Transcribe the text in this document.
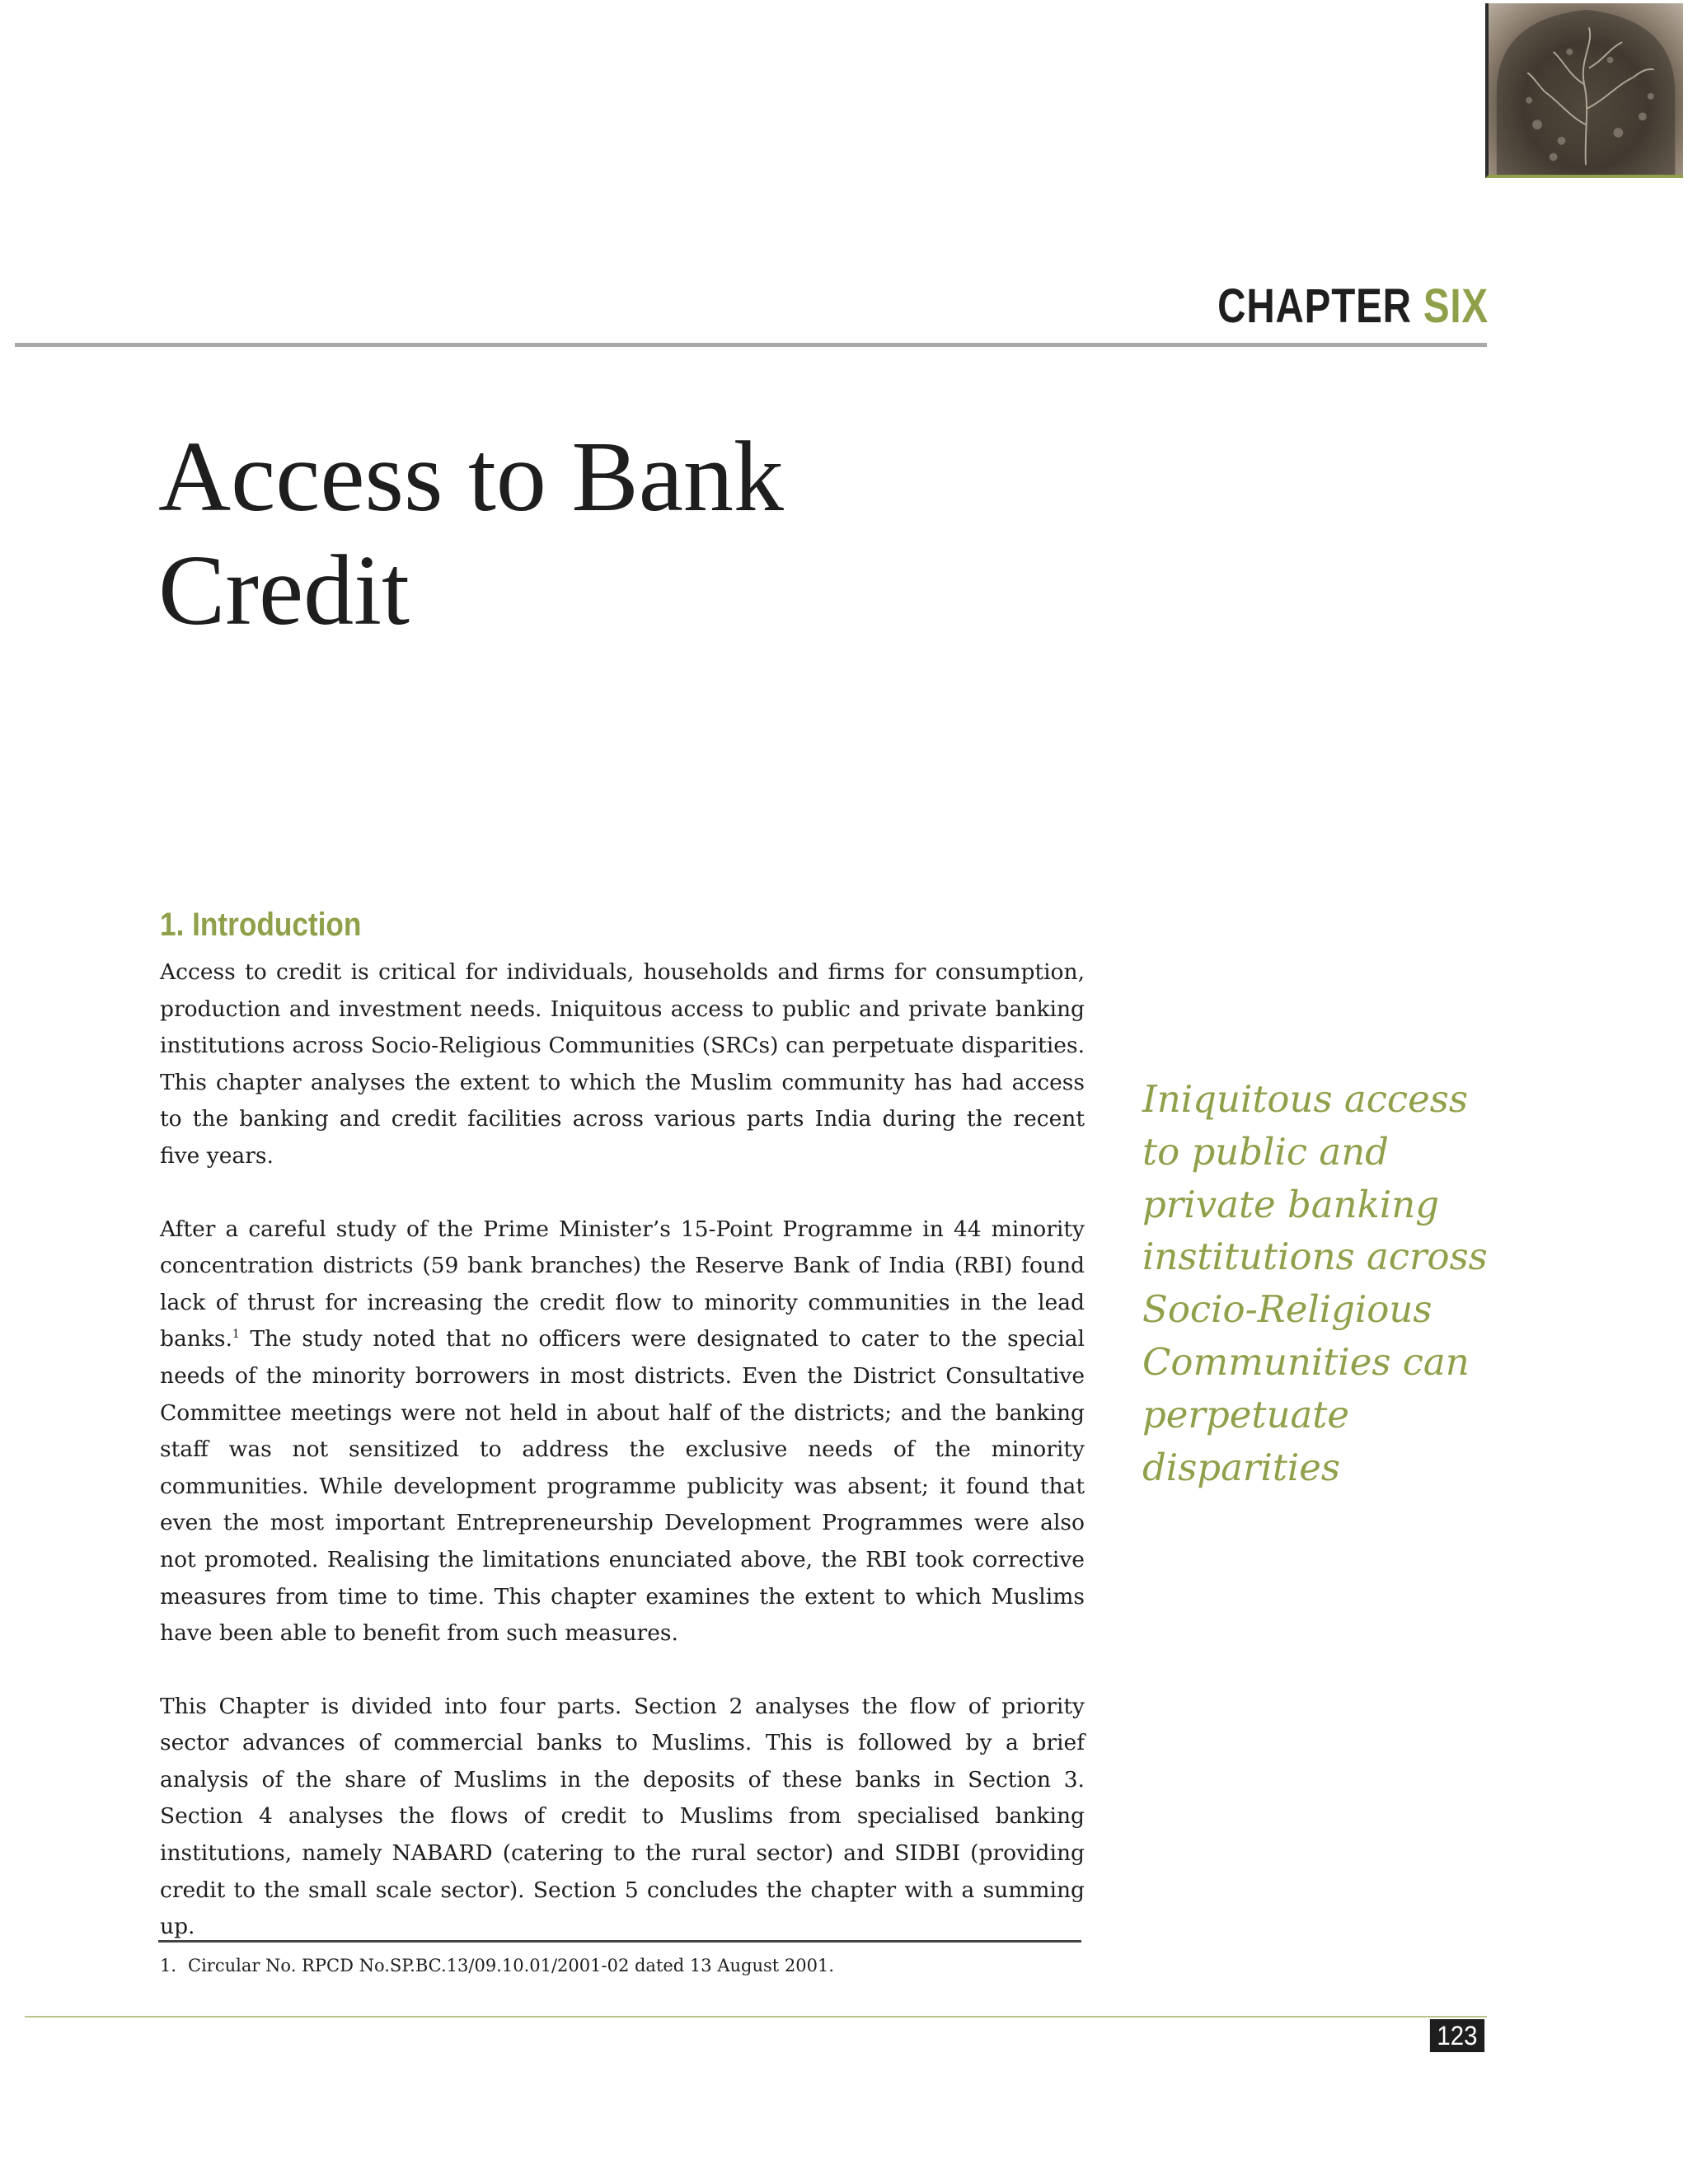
CHAPTER SIX
Access to Bank Credit
1. Introduction

Access to credit is critical for individuals, households and firms for consumption, production and investment needs. Iniquitous access to public and private banking institutions across Socio-Religious Communities (SRCs) can perpetuate disparities. This chapter analyses the extent to which the Muslim community has had access to the banking and credit facilities across various parts India during the recent five years.

After a careful study of the Prime Minister’s 15-Point Programme in 44 minority concentration districts (59 bank branches) the Reserve Bank of India (RBI) found lack of thrust for increasing the credit flow to minority communities in the lead banks.$^1$ The study noted that no officers were designated to cater to the special needs of the minority borrowers in most districts. Even the District Consultative Committee meetings were not held in about half of the districts; and the banking staff was not sensitized to address the exclusive needs of the minority communities. While development programme publicity was absent; it found that even the most important Entrepreneurship Development Programmes were also not promoted. Realising the limitations enunciated above, the RBI took corrective measures from time to time. This chapter examines the extent to which Muslims have been able to benefit from such measures.

This Chapter is divided into four parts. Section 2 analyses the flow of priority sector advances of commercial banks to Muslims. This is followed by a brief analysis of the share of Muslims in the deposits of these banks in Section 3. Section 4 analyses the flows of credit to Muslims from specialised banking institutions, namely NABARD (catering to the rural sector) and SIDBI (providing credit to the small scale sector). Section 5 concludes the chapter with a summing up.

Iniquitous access to public and private banking institutions across Socio-Religious Communities can perpetuate disparities
1. Circular No. RPCD No.SP.BC.13/09.10.01/2001-02 dated 13 August 2001.
123
